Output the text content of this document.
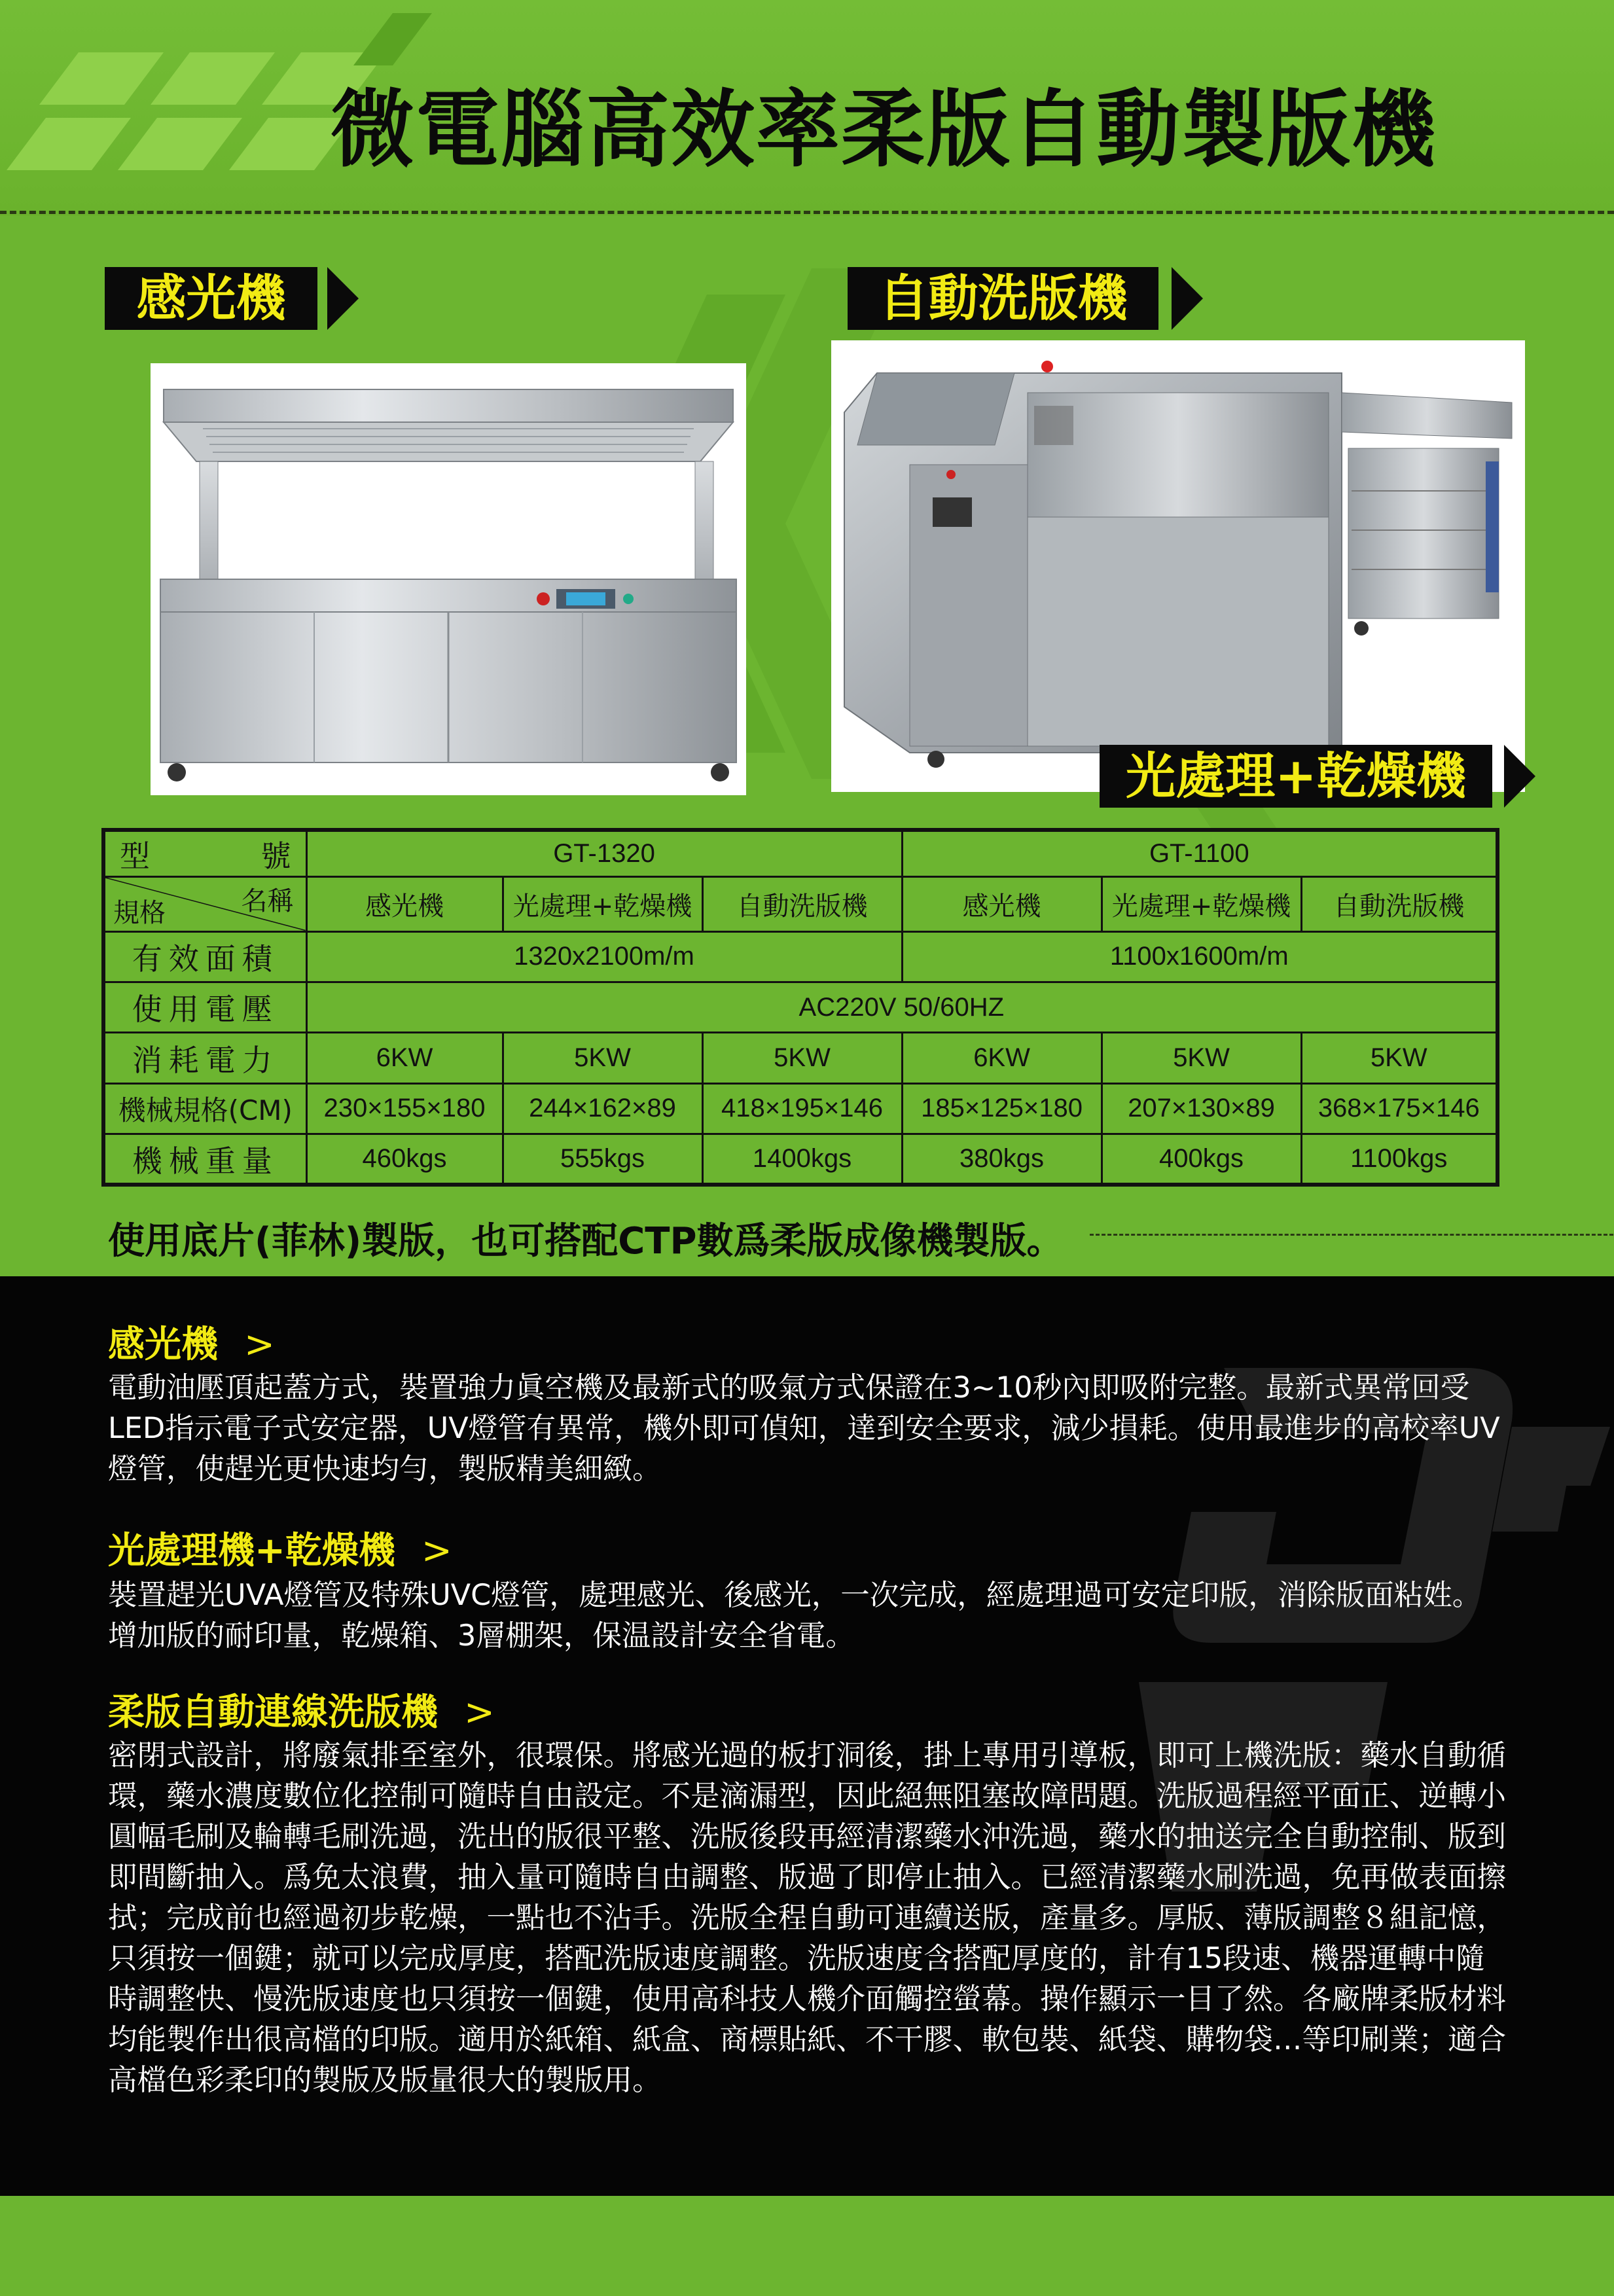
微電腦高效率柔版自動製版機
感光機	自動洗版機
光處理+乾燥機
型 號	GT-1320			GT-1100		

名稱
規格	感光機	光處理+乾燥機	自動洗版機	感光機	光處理+乾燥機	自動洗版機
有效面積	1320x2100m/m			1100x1600m/m		
使用電壓	AC220V 50/60HZ					
消耗電力	6KW	5KW	5KW	6KW	5KW	5KW
機械規格(CM)	230×155×180	244×162×89	418×195×146	185×125×180	207×130×89	368×175×146
機械重量	460kgs	555kgs	1400kgs	380kgs	400kgs	1100kgs
使用底片(菲林)製版，也可搭配CTP數爲柔版成像機製版。
感光機 >
電動油壓頂起蓋方式，裝置強力眞空機及最新式的吸氣方式保證在3~10秒內即吸附完整。最新式異常回受LED指示電子式安定器，UV燈管有異常，機外即可偵知，達到安全要求，減少損耗。使用最進步的高校率UV燈管，使趕光更快速均勻，製版精美細緻。
光處理機+乾燥機 >
裝置趕光UVA燈管及特殊UVC燈管，處理感光、後感光，一次完成，經處理過可安定印版，消除版面粘姓。增加版的耐印量，乾燥箱、3層棚架，保温設計安全省電。
柔版自動連線洗版機 >
密閉式設計，將廢氣排至室外，很環保。將感光過的板打洞後，掛上專用引導板，即可上機洗版：藥水自動循環，藥水濃度數位化控制可隨時自由設定。不是滴漏型，因此絕無阻塞故障問題。洗版過程經平面正、逆轉小圓幅毛刷及輪轉毛刷洗過，洗出的版很平整、洗版後段再經清潔藥水沖洗過，藥水的抽送完全自動控制、版到即間斷抽入。爲免太浪費，抽入量可隨時自由調整、版過了即停止抽入。已經清潔藥水刷洗過，免再做表面擦拭；完成前也經過初步乾燥，一點也不沾手。洗版全程自動可連續送版，產量多。厚版、薄版調整８組記憶，只須按一個鍵；就可以完成厚度，搭配洗版速度調整。洗版速度含搭配厚度的，計有15段速、機器運轉中隨時調整快、慢洗版速度也只須按一個鍵，使用高科技人機介面觸控螢幕。操作顯示一目了然。各廠牌柔版材料均能製作出很高檔的印版。適用於紙箱、紙盒、商標貼紙、不干膠、軟包裝、紙袋、購物袋…等印刷業；適合高檔色彩柔印的製版及版量很大的製版用。
